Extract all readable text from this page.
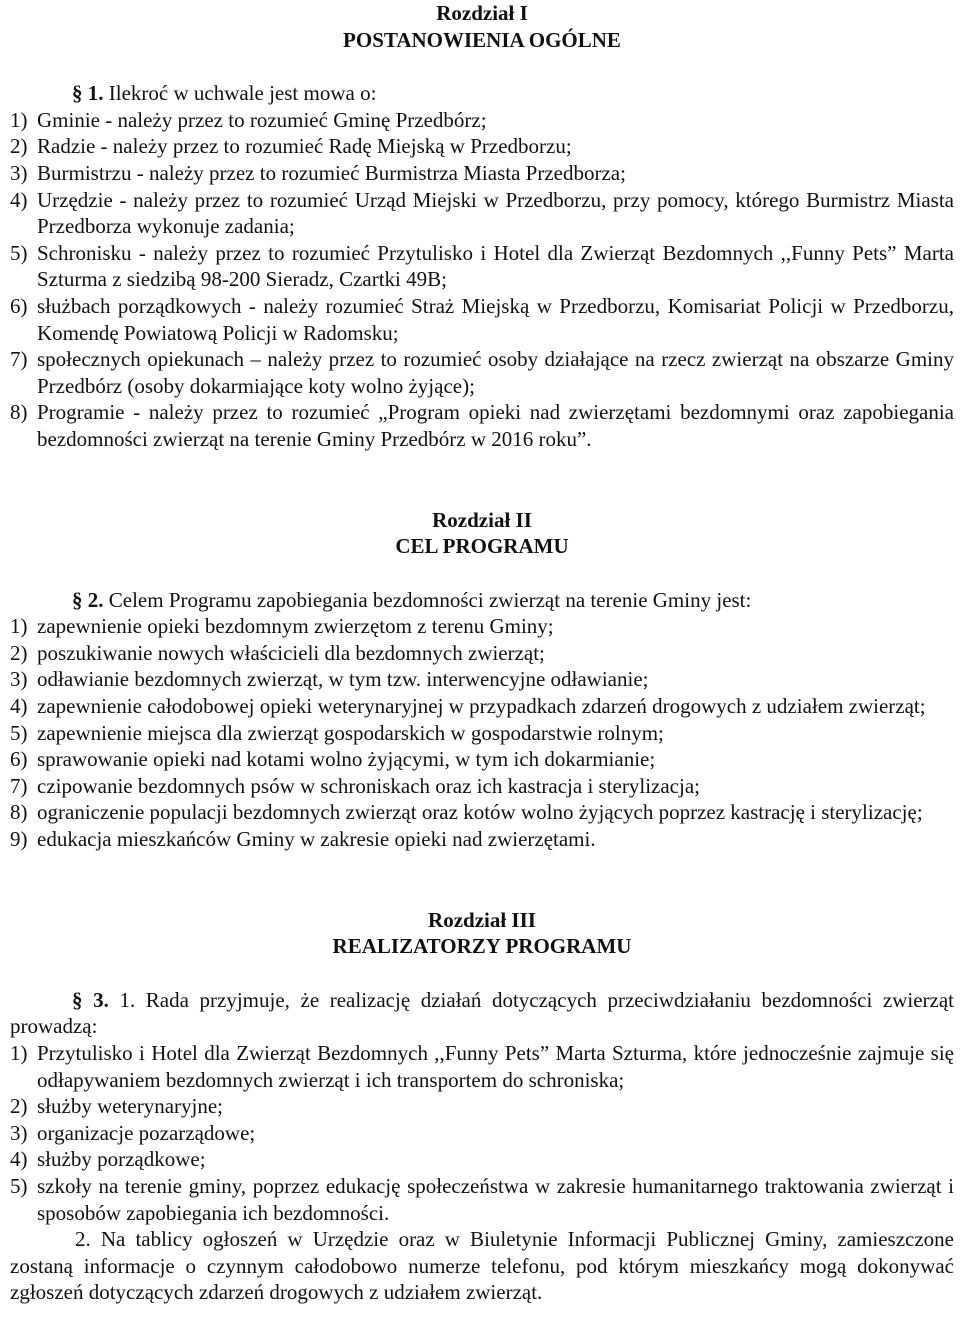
Rozdział I
POSTANOWIENIA OGÓLNE
§ 1. Ilekroć w uchwale jest mowa o:
1) Gminie - należy przez to rozumieć Gminę Przedbórz;
2) Radzie - należy przez to rozumieć Radę Miejską w Przedborzu;
3) Burmistrzu - należy przez to rozumieć Burmistrza Miasta Przedborza;
4) Urzędzie - należy przez to rozumieć Urząd Miejski w Przedborzu, przy pomocy, którego Burmistrz Miasta Przedborza wykonuje zadania;
5) Schronisku - należy przez to rozumieć Przytulisko i Hotel dla Zwierząt Bezdomnych ,,Funny Pets” Marta Szturma z siedzibą 98-200 Sieradz, Czartki 49B;
6) służbach porządkowych - należy rozumieć Straż Miejską w Przedborzu, Komisariat Policji w Przedborzu, Komendę Powiatową Policji w Radomsku;
7) społecznych opiekunach – należy przez to rozumieć osoby działające na rzecz zwierząt na obszarze Gminy Przedbórz (osoby dokarmiające koty wolno żyjące);
8) Programie - należy przez to rozumieć „Program opieki nad zwierzętami bezdomnymi oraz zapobiegania bezdomności zwierząt na terenie Gminy Przedbórz w 2016 roku”.
Rozdział II
CEL PROGRAMU
§ 2. Celem Programu zapobiegania bezdomności zwierząt na terenie Gminy jest:
1) zapewnienie opieki bezdomnym zwierzętom z terenu Gminy;
2) poszukiwanie nowych właścicieli dla bezdomnych zwierząt;
3) odławianie bezdomnych zwierząt, w tym tzw. interwencyjne odławianie;
4) zapewnienie całodobowej opieki weterynaryjnej w przypadkach zdarzeń drogowych z udziałem zwierząt;
5) zapewnienie miejsca dla zwierząt gospodarskich w gospodarstwie rolnym;
6) sprawowanie opieki nad kotami wolno żyjącymi, w tym ich dokarmianie;
7) czipowanie bezdomnych psów w schroniskach oraz ich kastracja i sterylizacja;
8) ograniczenie populacji bezdomnych zwierząt oraz kotów wolno żyjących poprzez kastrację i sterylizację;
9) edukacja mieszkańców Gminy w zakresie opieki nad zwierzętami.
Rozdział III
REALIZATORZY PROGRAMU
§ 3. 1. Rada przyjmuje, że realizację działań dotyczących przeciwdziałaniu bezdomności zwierząt prowadzą:
1) Przytulisko i Hotel dla Zwierząt Bezdomnych ,,Funny Pets” Marta Szturma, które jednocześnie zajmuje się odłapywaniem bezdomnych zwierząt i ich transportem do schroniska;
2) służby weterynaryjne;
3) organizacje pozarządowe;
4) służby porządkowe;
5) szkoły na terenie gminy, poprzez edukację społeczeństwa w zakresie humanitarnego traktowania zwierząt i sposobów zapobiegania ich bezdomności.
2. Na tablicy ogłoszeń w Urzędzie oraz w Biuletynie Informacji Publicznej Gminy, zamieszczone zostaną informacje o czynnym całodobowo numerze telefonu, pod którym mieszkańcy mogą dokonywać zgłoszeń dotyczących zdarzeń drogowych z udziałem zwierząt.
